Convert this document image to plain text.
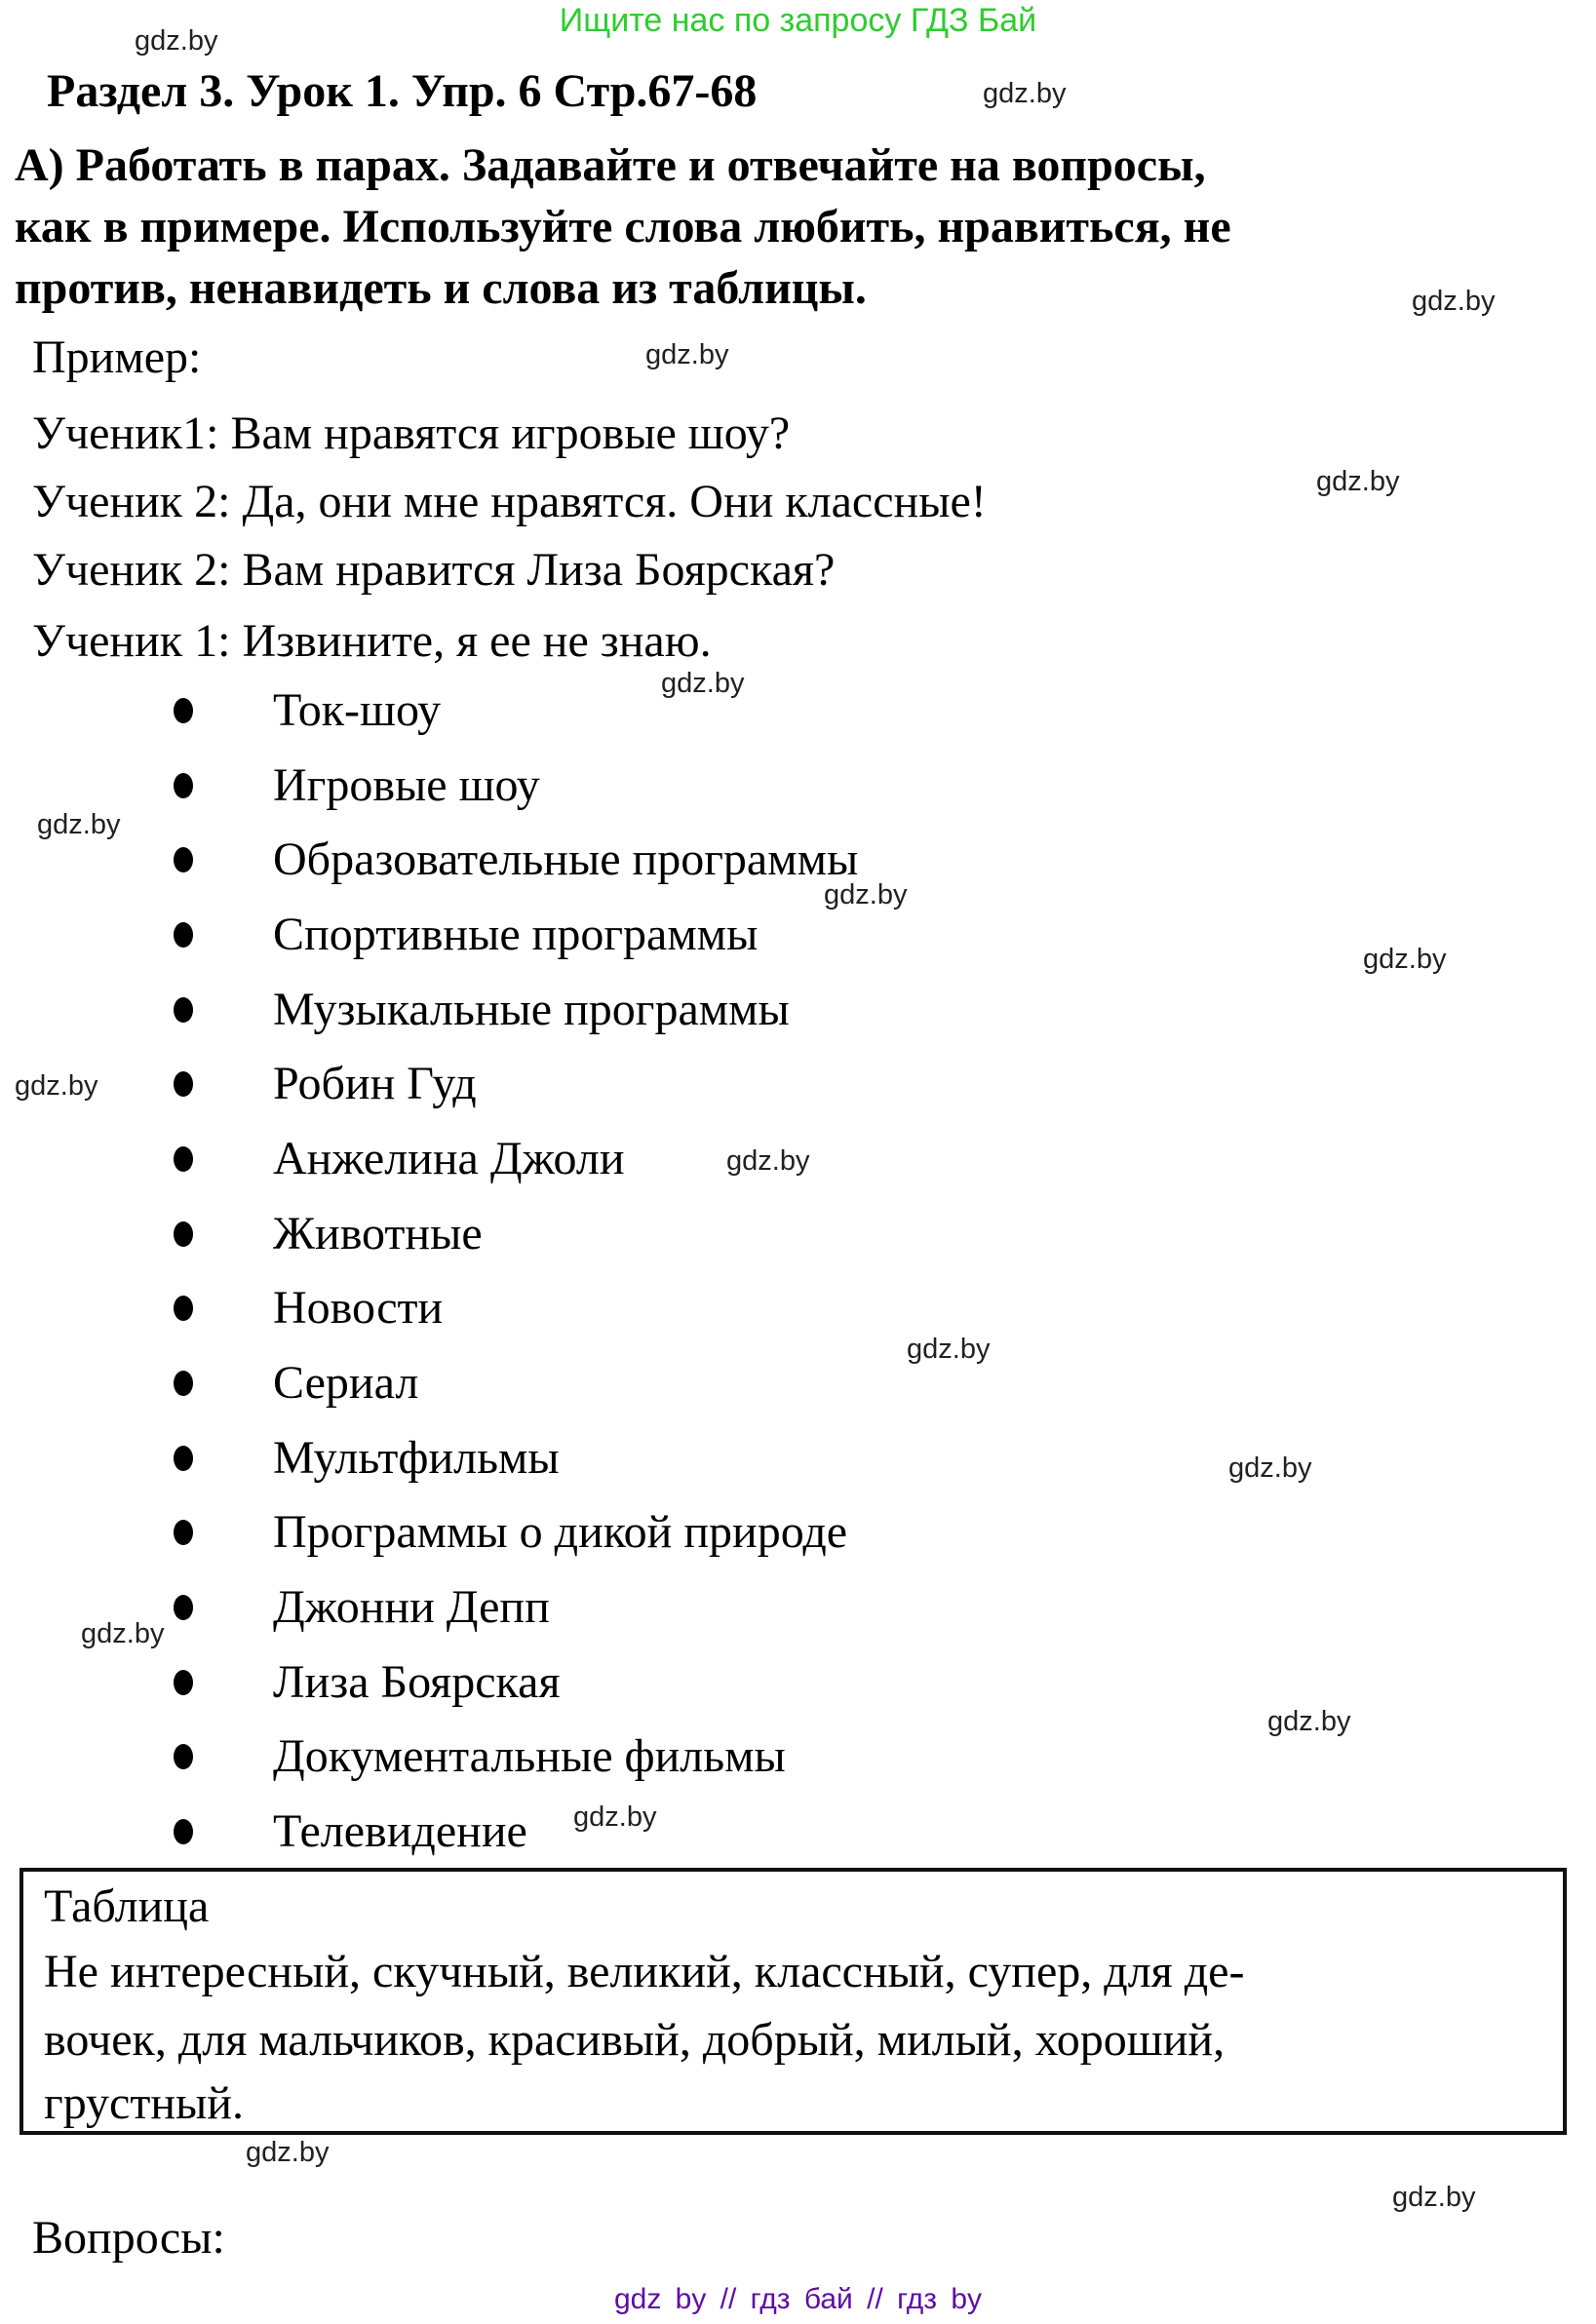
Ищите нас по запросу ГДЗ Бай
gdz.by
gdz.by
gdz.by
gdz.by
gdz.by
gdz.by
gdz.by
gdz.by
gdz.by
gdz.by
gdz.by
gdz.by
gdz.by
gdz.by
gdz.by
gdz.by
gdz.by
gdz.by
Раздел 3. Урок 1. Упр. 6 Стр.67-68
А) Работать в парах. Задавайте и отвечайте на вопросы,
как в примере. Используйте слова любить, нравиться, не
против, ненавидеть и слова из таблицы.
Пример:
Ученик1: Вам нравятся игровые шоу?
Ученик 2: Да, они мне нравятся. Они классные!
Ученик 2: Вам нравится Лиза Боярская?
Ученик 1: Извините, я ее не знаю.
Ток-шоу
Игровые шоу
Образовательные программы
Спортивные программы
Музыкальные программы
Робин Гуд
Анжелина Джоли
Животные
Новости
Сериал
Мультфильмы
Программы о дикой природе
Джонни Депп
Лиза Боярская
Документальные фильмы
Телевидение
Таблица
Не интересный, скучный, великий, классный, супер, для де-
вочек, для мальчиков, красивый, добрый, милый, хороший,
грустный.
Вопросы:
gdz by // гдз бай // гдз by
